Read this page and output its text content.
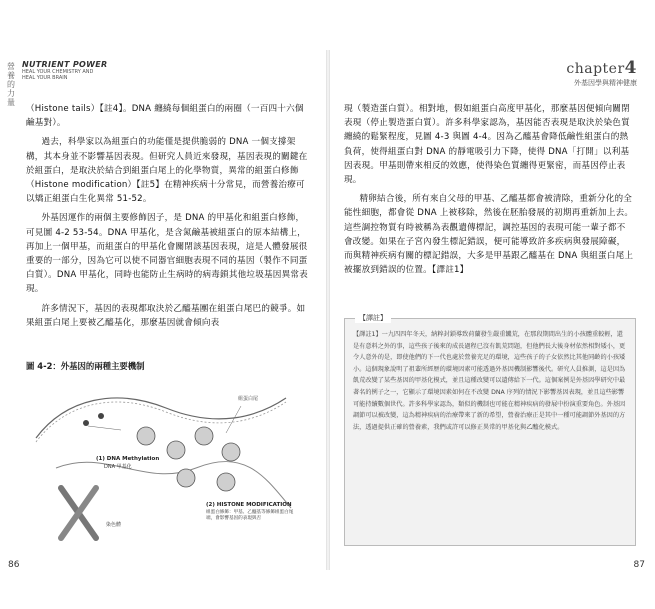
營
養
的
力
量
NUTRIENT POWER
HEAL YOUR CHEMISTRY AND
HEAL YOUR BRAIN

（Histone tails）【註4】。DNA 纏繞每個組蛋白的兩圈（一百四十六個鹼基對）。

過去，科學家以為組蛋白的功能僅是提供脆弱的 DNA 一個支撐架構，其本身並不影響基因表現。但研究人員近來發現，基因表現的關鍵在於組蛋白，是取決於結合到組蛋白尾上的化學物質，異常的組蛋白修飾（Histone modification）【註5】在精神疾病十分常見，而營養治療可以矯正組蛋白生化異常 51-52。

外基因運作的兩個主要修飾因子，是 DNA 的甲基化和組蛋白修飾，可見圖 4-2 53-54。DNA 甲基化，是含氮鹼基被組蛋白的原本結構上，再加上一個甲基，而組蛋白的甲基化會關閉該基因表現，這是人體發展很重要的一部分，因為它可以使不同器官細胞表現不同的基因（製作不同蛋白質）。DNA 甲基化，同時也能防止生病時的病毒鎖其他垃圾基因異常表現。

許多情況下，基因的表現都取決於乙醯基團在組蛋白尾巴的競爭。如果組蛋白尾上要被乙醯基化，那麼基因就會傾向表

圖 4-2：外基因的兩種主要機制
(1) DNA Methylation
DNA 甲基化
組蛋白尾
染色體
(2) HISTONE MODIFICATION
組蛋白修飾：甲基、乙醯基等修飾組蛋白尾端，會影響基因的表現與否
86
chapter4
外基因學與精神健康

現（製造蛋白質）。相對地，假如組蛋白高度甲基化，那麼基因便傾向關閉表現（停止製造蛋白質）。許多科學家認為，基因能否表現是取決於染色質纏繞的鬆緊程度，見圖 4-3 與圖 4-4。因為乙醯基會降低鹼性組蛋白的熱負荷，使得組蛋白對 DNA 的靜電吸引力下降，使得 DNA「打開」以利基因表現。甲基則帶來相反的效應，使得染色質纏得更緊密，而基因停止表現。

精卵結合後，所有來自父母的甲基、乙醯基都會被清除，重新分化的全能性細胞，都會從 DNA 上被移除，然後在胚胎發展的初期再重新加上去。這些調控物質有時被稱為表觀遺傳標記，調控基因的表現可能一輩子都不會改變。如果在子宮內發生標記錯誤，便可能導致許多疾病與發展障礙，而與精神疾病有關的標記錯誤，大多是甲基跟乙醯基在 DNA 與組蛋白尾上被擺放到錯誤的位置。【譯註1】

【譯註】
【譯註1】一九四四年冬天，納粹封鎖導致荷蘭發生嚴重饑荒，在那段期間出生的小孩體重較輕，還是有意料之外的事，這些孩子後來的成長過程已沒有飢荒問題，但他們長大後身材依然相對矮小，更令人意外的是，即使他們的下一代也處於營養充足的環境，這些孩子的子女依然比其他同齡的小孩矮小。這個現象說明了祖輩所經歷的環境因素可能透過外基因機制影響後代。研究人員推測，這是因為飢荒改變了某些基因的甲基化模式，並且這種改變可以遺傳給下一代。這個案例是外基因學研究中最著名的例子之一，它顯示了環境因素如何在不改變 DNA 序列的情況下影響基因表現，並且這些影響可能持續數個世代。許多科學家認為，類似的機制也可能在精神疾病的發展中扮演重要角色。外基因調節可以被改變，這為精神疾病的治療帶來了新的希望，營養治療正是其中一種可能調節外基因的方法，透過提供正確的營養素，我們或許可以修正異常的甲基化與乙醯化模式。
87
